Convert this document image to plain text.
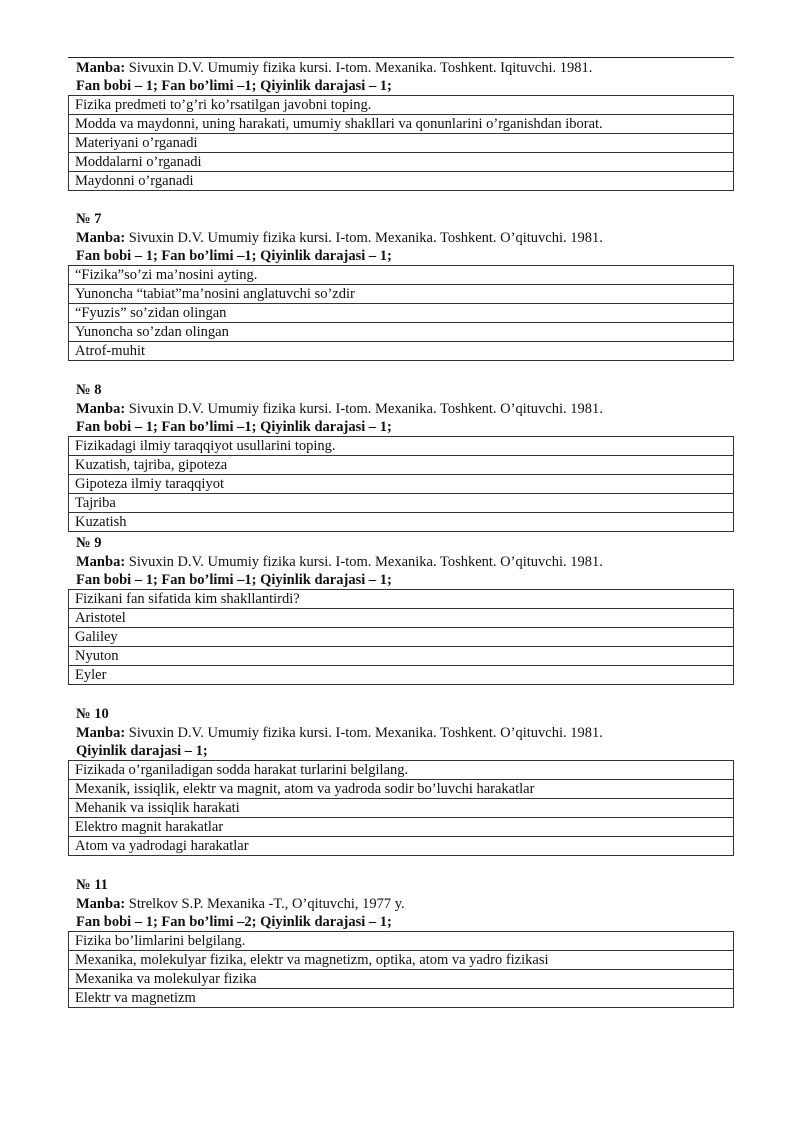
Manba: Sivuxin D.V. Umumiy fizika kursi. I-tom. Mexanika. Toshkent. Iqituvchi. 1981.
Fan bobi – 1; Fan bo’limi –1; Qiyinlik darajasi – 1;
Fizika predmeti to’g’ri ko’rsatilgan javobni toping.
Modda va maydonni, uning harakati, umumiy shakllari va qonunlarini o’rganishdan iborat.
Materiyani o’rganadi
Moddalarni o’rganadi
Maydonni o’rganadi
№ 7
Manba: Sivuxin D.V. Umumiy fizika kursi. I-tom. Mexanika. Toshkent. O’qituvchi. 1981.
Fan bobi – 1; Fan bo’limi –1; Qiyinlik darajasi – 1;
“Fizika”so’zi ma’nosini ayting.
Yunoncha “tabiat”ma’nosini anglatuvchi so’zdir
“Fyuzis” so’zidan olingan
Yunoncha so’zdan olingan
Atrof-muhit
№ 8
Manba: Sivuxin D.V. Umumiy fizika kursi. I-tom. Mexanika. Toshkent. O’qituvchi. 1981.
Fan bobi – 1; Fan bo’limi –1; Qiyinlik darajasi – 1;
Fizikadagi ilmiy taraqqiyot usullarini toping.
Kuzatish, tajriba, gipoteza
Gipoteza ilmiy taraqqiyot
Tajriba
Kuzatish
№ 9
Manba: Sivuxin D.V. Umumiy fizika kursi. I-tom. Mexanika. Toshkent. O’qituvchi. 1981.
Fan bobi – 1; Fan bo’limi –1; Qiyinlik darajasi – 1;
Fizikani fan sifatida kim shakllantirdi?
Aristotel
Galiley
Nyuton
Eyler
№ 10
Manba: Sivuxin D.V. Umumiy fizika kursi. I-tom. Mexanika. Toshkent. O’qituvchi. 1981.
Qiyinlik darajasi – 1;
Fizikada o’rganiladigan sodda harakat turlarini belgilang.
Mexanik, issiqlik, elektr va magnit, atom va yadroda sodir bo’luvchi harakatlar
Mehanik va issiqlik harakati
Elektro magnit harakatlar
Atom va yadrodagi harakatlar
№ 11
Manba: Strelkov S.P. Mexanika -T., O’qituvchi, 1977 y.
Fan bobi – 1; Fan bo’limi –2; Qiyinlik darajasi – 1;
Fizika bo’limlarini belgilang.
Mexanika, molekulyar fizika, elektr va magnetizm, optika, atom va yadro fizikasi
Mexanika va molekulyar fizika
Elektr va magnetizm
